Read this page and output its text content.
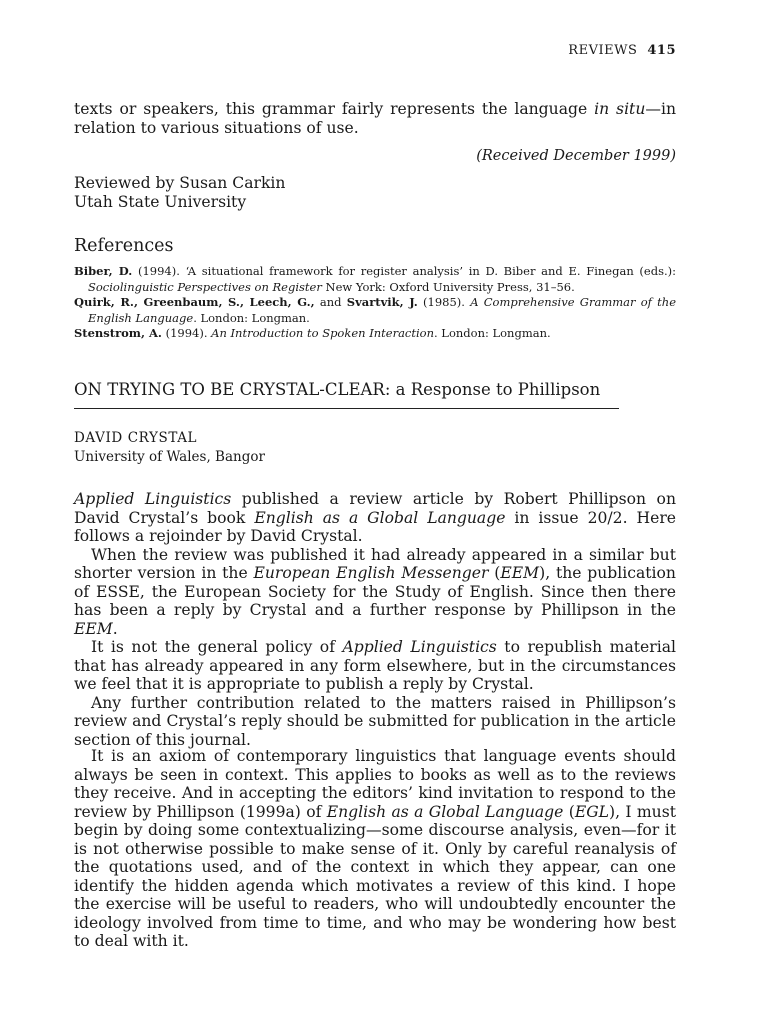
REVIEWS 415
texts or speakers, this grammar fairly represents the language in situ—in relation to various situations of use.
(Received December 1999)
Reviewed by Susan Carkin
Utah State University
References

Biber, D. (1994). ‘A situational framework for register analysis’ in D. Biber and E. Finegan (eds.): Sociolinguistic Perspectives on Register New York: Oxford University Press, 31–56.

Quirk, R., Greenbaum, S., Leech, G., and Svartvik, J. (1985). A Comprehensive Grammar of the English Language. London: Longman.

Stenstrom, A. (1994). An Introduction to Spoken Interaction. London: Longman.

ON TRYING TO BE CRYSTAL-CLEAR: a Response to Phillipson
DAVID CRYSTAL
University of Wales, Bangor

Applied Linguistics published a review article by Robert Phillipson on David Crystal’s book English as a Global Language in issue 20/2. Here follows a rejoinder by David Crystal.

When the review was published it had already appeared in a similar but shorter version in the European English Messenger (EEM), the publication of ESSE, the European Society for the Study of English. Since then there has been a reply by Crystal and a further response by Phillipson in the EEM.

It is not the general policy of Applied Linguistics to republish material that has already appeared in any form elsewhere, but in the circumstances we feel that it is appropriate to publish a reply by Crystal.

Any further contribution related to the matters raised in Phillipson’s review and Crystal’s reply should be submitted for publication in the article section of this journal.

It is an axiom of contemporary linguistics that language events should always be seen in context. This applies to books as well as to the reviews they receive. And in accepting the editors’ kind invitation to respond to the review by Phillipson (1999a) of English as a Global Language (EGL), I must begin by doing some contextualizing—some discourse analysis, even—for it is not otherwise possible to make sense of it. Only by careful reanalysis of the quotations used, and of the context in which they appear, can one identify the hidden agenda which motivates a review of this kind. I hope the exercise will be useful to readers, who will undoubtedly encounter the ideology involved from time to time, and who may be wondering how best to deal with it.
